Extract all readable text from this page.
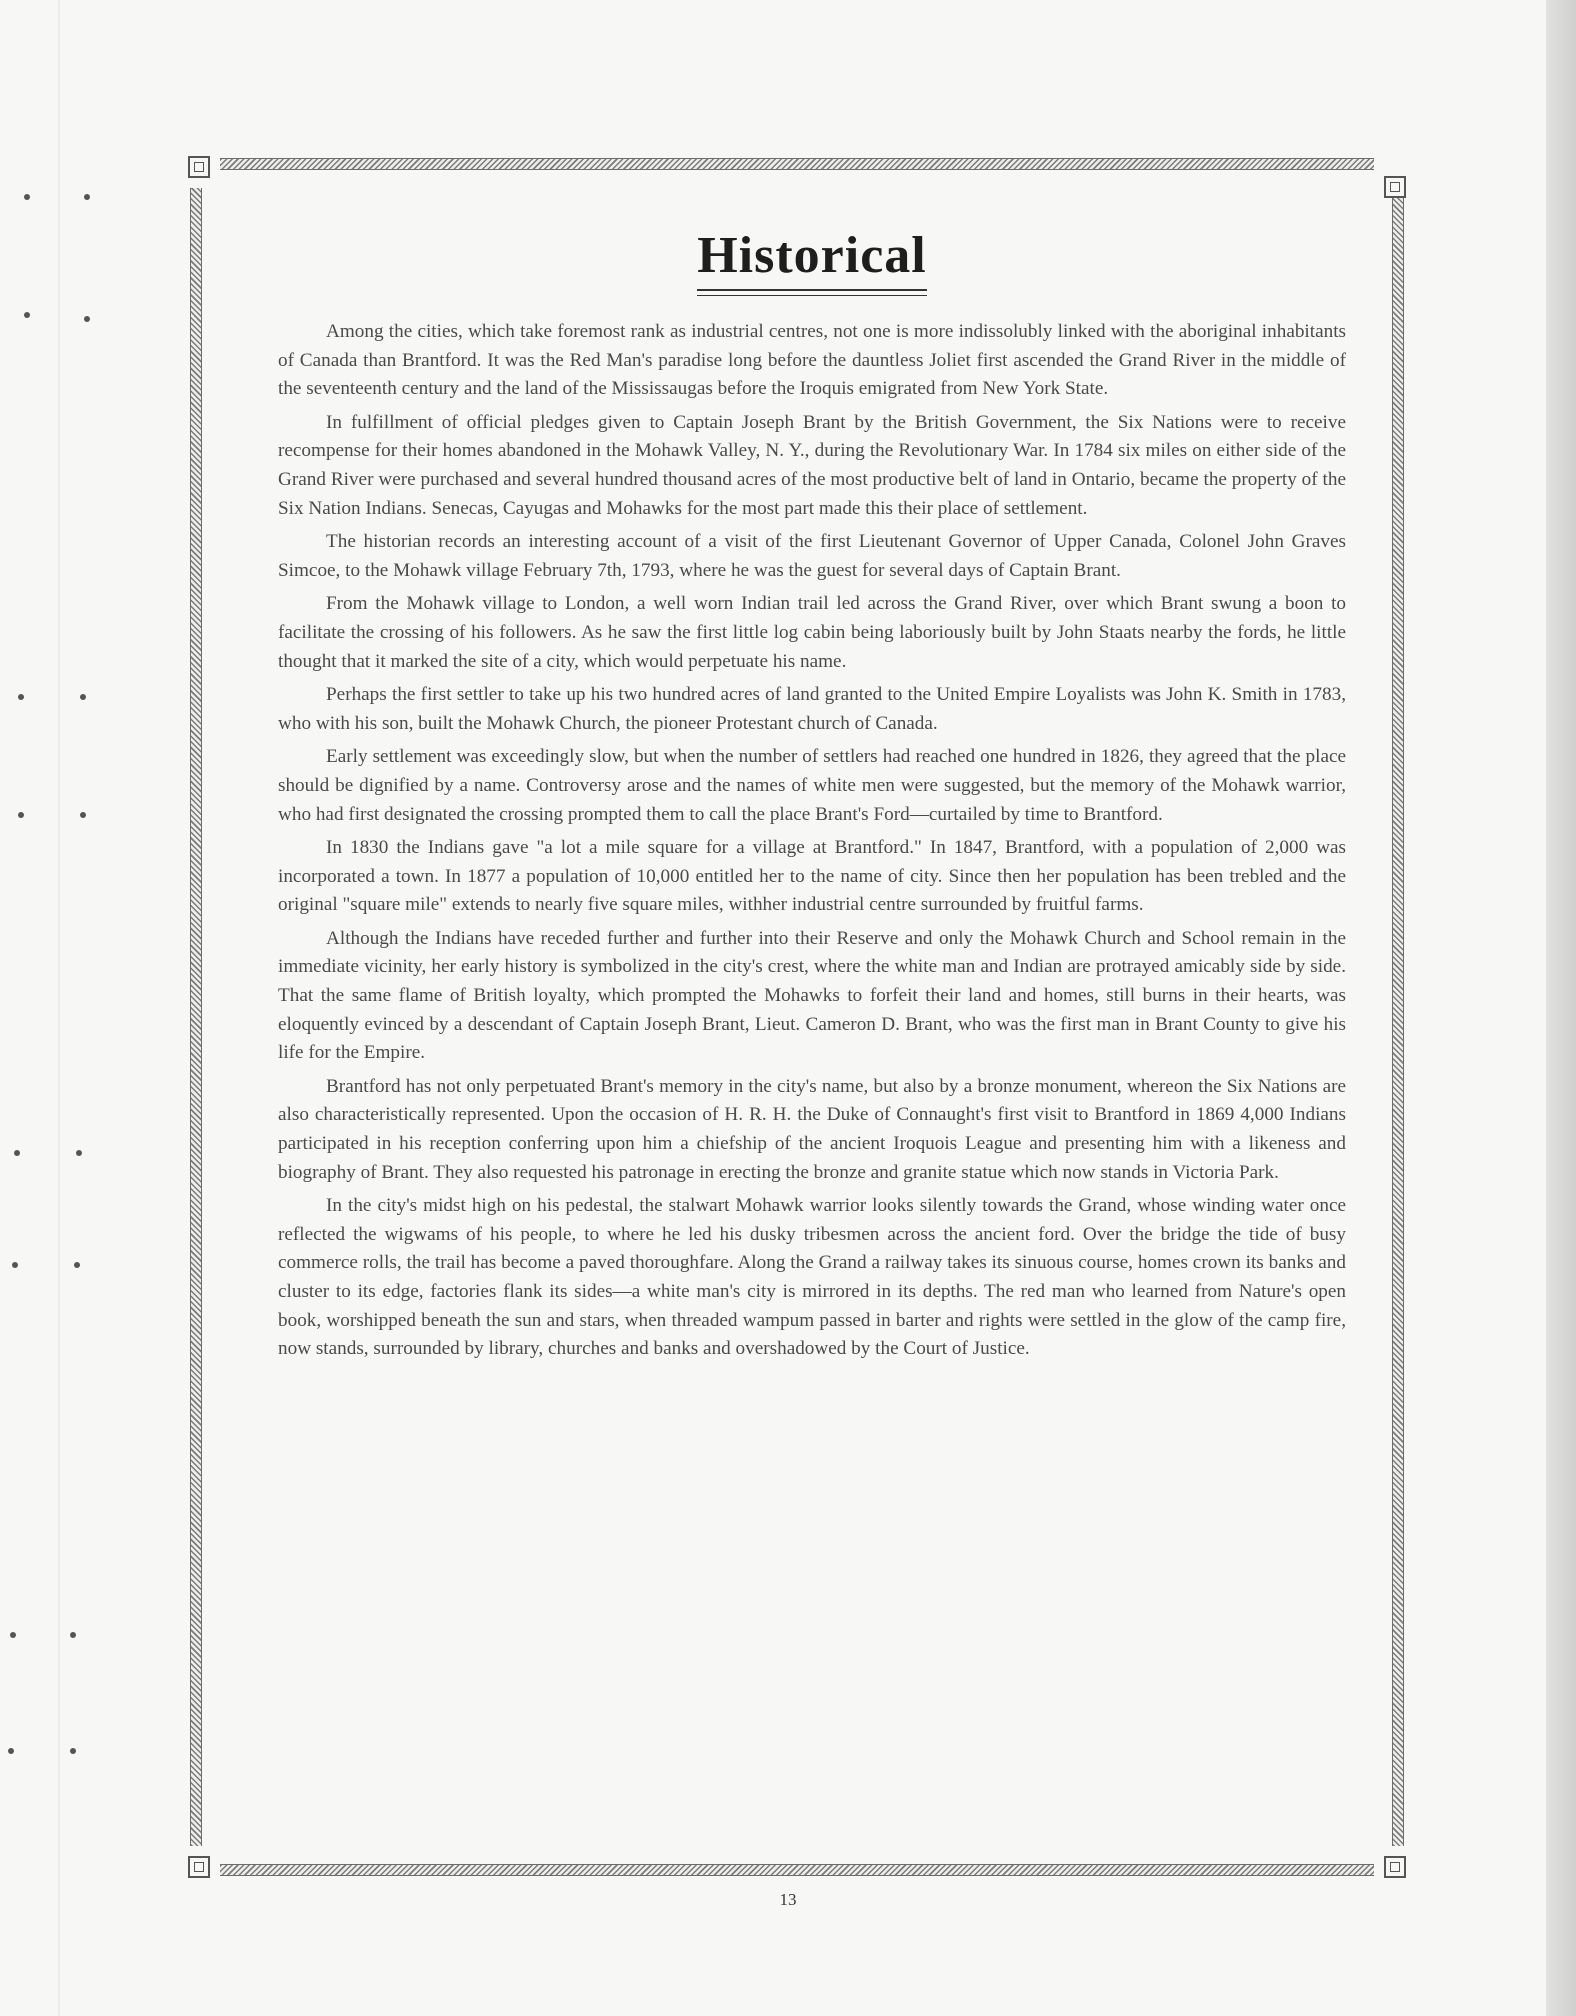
Historical

Among the cities, which take foremost rank as industrial centres, not one is more indissolubly linked with the aboriginal inhabitants of Canada than Brantford. It was the Red Man's paradise long before the dauntless Joliet first ascended the Grand River in the middle of the seventeenth century and the land of the Mississaugas before the Iroquis emigrated from New York State.

In fulfillment of official pledges given to Captain Joseph Brant by the British Government, the Six Nations were to receive recompense for their homes abandoned in the Mohawk Valley, N. Y., during the Revolutionary War. In 1784 six miles on either side of the Grand River were purchased and several hundred thousand acres of the most productive belt of land in Ontario, became the property of the Six Nation Indians. Senecas, Cayugas and Mohawks for the most part made this their place of settlement.

The historian records an interesting account of a visit of the first Lieutenant Governor of Upper Canada, Colonel John Graves Simcoe, to the Mohawk village February 7th, 1793, where he was the guest for several days of Captain Brant.

From the Mohawk village to London, a well worn Indian trail led across the Grand River, over which Brant swung a boon to facilitate the crossing of his followers. As he saw the first little log cabin being laboriously built by John Staats nearby the fords, he little thought that it marked the site of a city, which would perpetuate his name.

Perhaps the first settler to take up his two hundred acres of land granted to the United Empire Loyalists was John K. Smith in 1783, who with his son, built the Mohawk Church, the pioneer Protestant church of Canada.

Early settlement was exceedingly slow, but when the number of settlers had reached one hundred in 1826, they agreed that the place should be dignified by a name. Controversy arose and the names of white men were suggested, but the memory of the Mohawk warrior, who had first designated the crossing prompted them to call the place Brant's Ford—curtailed by time to Brantford.

In 1830 the Indians gave "a lot a mile square for a village at Brantford." In 1847, Brantford, with a population of 2,000 was incorporated a town. In 1877 a population of 10,000 entitled her to the name of city. Since then her population has been trebled and the original "square mile" extends to nearly five square miles, withher industrial centre surrounded by fruitful farms.

Although the Indians have receded further and further into their Reserve and only the Mohawk Church and School remain in the immediate vicinity, her early history is symbolized in the city's crest, where the white man and Indian are protrayed amicably side by side. That the same flame of British loyalty, which prompted the Mohawks to forfeit their land and homes, still burns in their hearts, was eloquently evinced by a descendant of Captain Joseph Brant, Lieut. Cameron D. Brant, who was the first man in Brant County to give his life for the Empire.

Brantford has not only perpetuated Brant's memory in the city's name, but also by a bronze monument, whereon the Six Nations are also characteristically represented. Upon the occasion of H. R. H. the Duke of Connaught's first visit to Brantford in 1869 4,000 Indians participated in his reception conferring upon him a chiefship of the ancient Iroquois League and presenting him with a likeness and biography of Brant. They also requested his patronage in erecting the bronze and granite statue which now stands in Victoria Park.

In the city's midst high on his pedestal, the stalwart Mohawk warrior looks silently towards the Grand, whose winding water once reflected the wigwams of his people, to where he led his dusky tribesmen across the ancient ford. Over the bridge the tide of busy commerce rolls, the trail has become a paved thoroughfare. Along the Grand a railway takes its sinuous course, homes crown its banks and cluster to its edge, factories flank its sides—a white man's city is mirrored in its depths. The red man who learned from Nature's open book, worshipped beneath the sun and stars, when threaded wampum passed in barter and rights were settled in the glow of the camp fire, now stands, surrounded by library, churches and banks and overshadowed by the Court of Justice.

13
